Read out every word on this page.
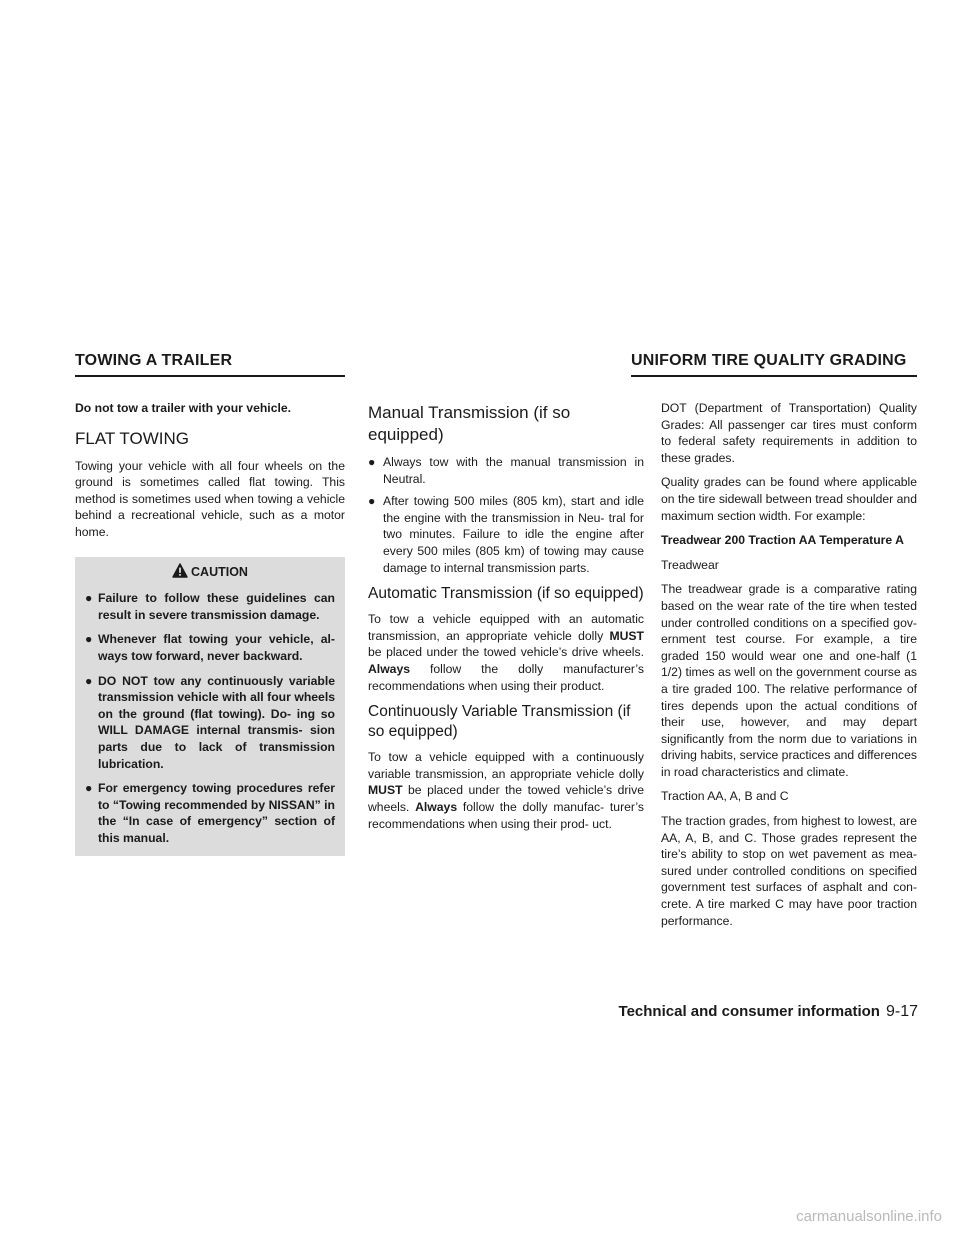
TOWING A TRAILER	UNIFORM TIRE QUALITY GRADING

Do not tow a trailer with your vehicle.

FLAT TOWING

Towing your vehicle with all four wheels on the ground is sometimes called flat towing. This method is sometimes used when towing a vehicle behind a recreational vehicle, such as a motor home.

CAUTION
● Failure to follow these guidelines can result in severe transmission damage.
● Whenever flat towing your vehicle, al- ways tow forward, never backward.
● DO NOT tow any continuously variable transmission vehicle with all four wheels on the ground (flat towing). Do- ing so WILL DAMAGE internal transmis- sion parts due to lack of transmission lubrication.
● For emergency towing procedures refer to “Towing recommended by NISSAN” in the “In case of emergency” section of this manual.
Manual Transmission (if so equipped)
● Always tow with the manual transmission in Neutral.
● After towing 500 miles (805 km), start and idle the engine with the transmission in Neu- tral for two minutes. Failure to idle the engine after every 500 miles (805 km) of towing may cause damage to internal transmission parts.
Automatic Transmission (if so equipped)

To tow a vehicle equipped with an automatic transmission, an appropriate vehicle dolly MUST be placed under the towed vehicle’s drive wheels. Always follow the dolly manufacturer’s recommendations when using their product.

Continuously Variable Transmission (if so equipped)

To tow a vehicle equipped with a continuously variable transmission, an appropriate vehicle dolly MUST be placed under the towed vehicle’s drive wheels. Always follow the dolly manufac- turer’s recommendations when using their prod- uct.

DOT (Department of Transportation) Quality Grades: All passenger car tires must conform to federal safety requirements in addition to these grades.

Quality grades can be found where applicable on the tire sidewall between tread shoulder and maximum section width. For example:

Treadwear 200 Traction AA Temperature A

Treadwear

The treadwear grade is a comparative rating based on the wear rate of the tire when tested under controlled conditions on a specified gov- ernment test course. For example, a tire graded 150 would wear one and one-half (1 1/2) times as well on the government course as a tire graded 100. The relative performance of tires depends upon the actual conditions of their use, however, and may depart significantly from the norm due to variations in driving habits, service practices and differences in road characteristics and climate.

Traction AA, A, B and C

The traction grades, from highest to lowest, are AA, A, B, and C. Those grades represent the tire’s ability to stop on wet pavement as mea- sured under controlled conditions on specified government test surfaces of asphalt and con- crete. A tire marked C may have poor traction performance.

Technical and consumer information 9-17
carmanualsonline.info
